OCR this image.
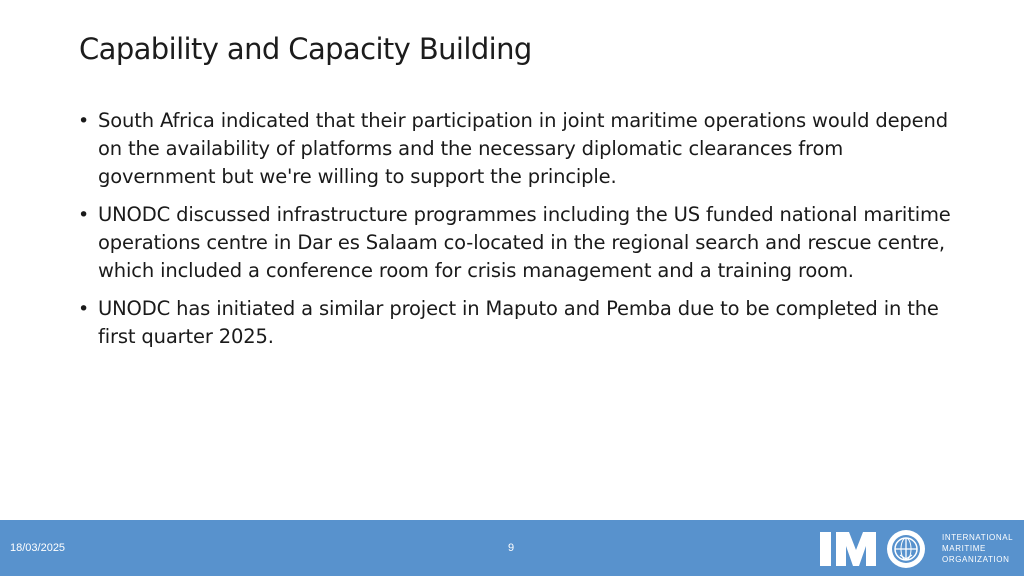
Capability and Capacity Building
• South Africa indicated that their participation in joint maritime operations would depend on the availability of platforms and the necessary diplomatic clearances from government but we're willing to support the principle.
• UNODC discussed infrastructure programmes including the US funded national maritime operations centre in Dar es Salaam co-located in the regional search and rescue centre, which included a conference room for crisis management and a training room.
• UNODC has initiated a similar project in Maputo and Pemba due to be completed in the first quarter 2025.
18/03/2025	9
INTERNATIONAL
MARITIME
ORGANIZATION
